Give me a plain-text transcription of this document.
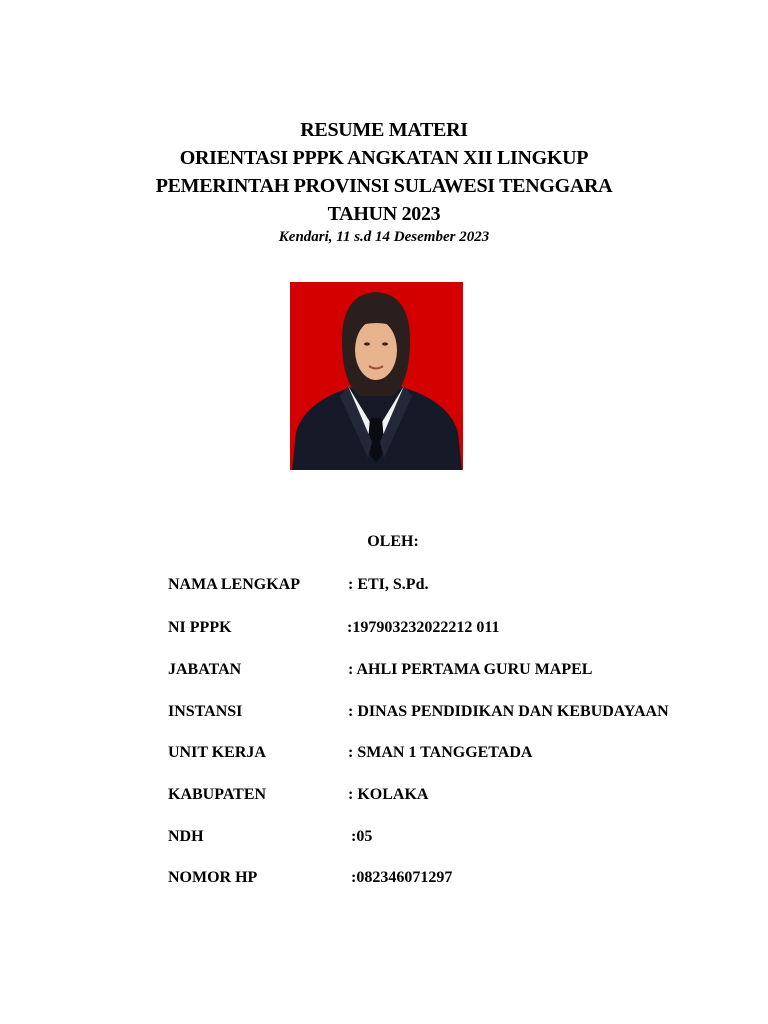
RESUME MATERI

ORIENTASI PPPK ANGKATAN XII LINGKUP

PEMERINTAH PROVINSI SULAWESI TENGGARA

TAHUN 2023

Kendari, 11 s.d 14 Desember 2023
OLEH:
NAMA LENGKAP	: ETI, S.Pd.
NI PPPK	:197903232022212 011
JABATAN	: AHLI PERTAMA GURU MAPEL
INSTANSI	: DINAS PENDIDIKAN DAN KEBUDAYAAN
UNIT KERJA	: SMAN 1 TANGGETADA
KABUPATEN	: KOLAKA
NDH	:05
NOMOR HP	:082346071297
